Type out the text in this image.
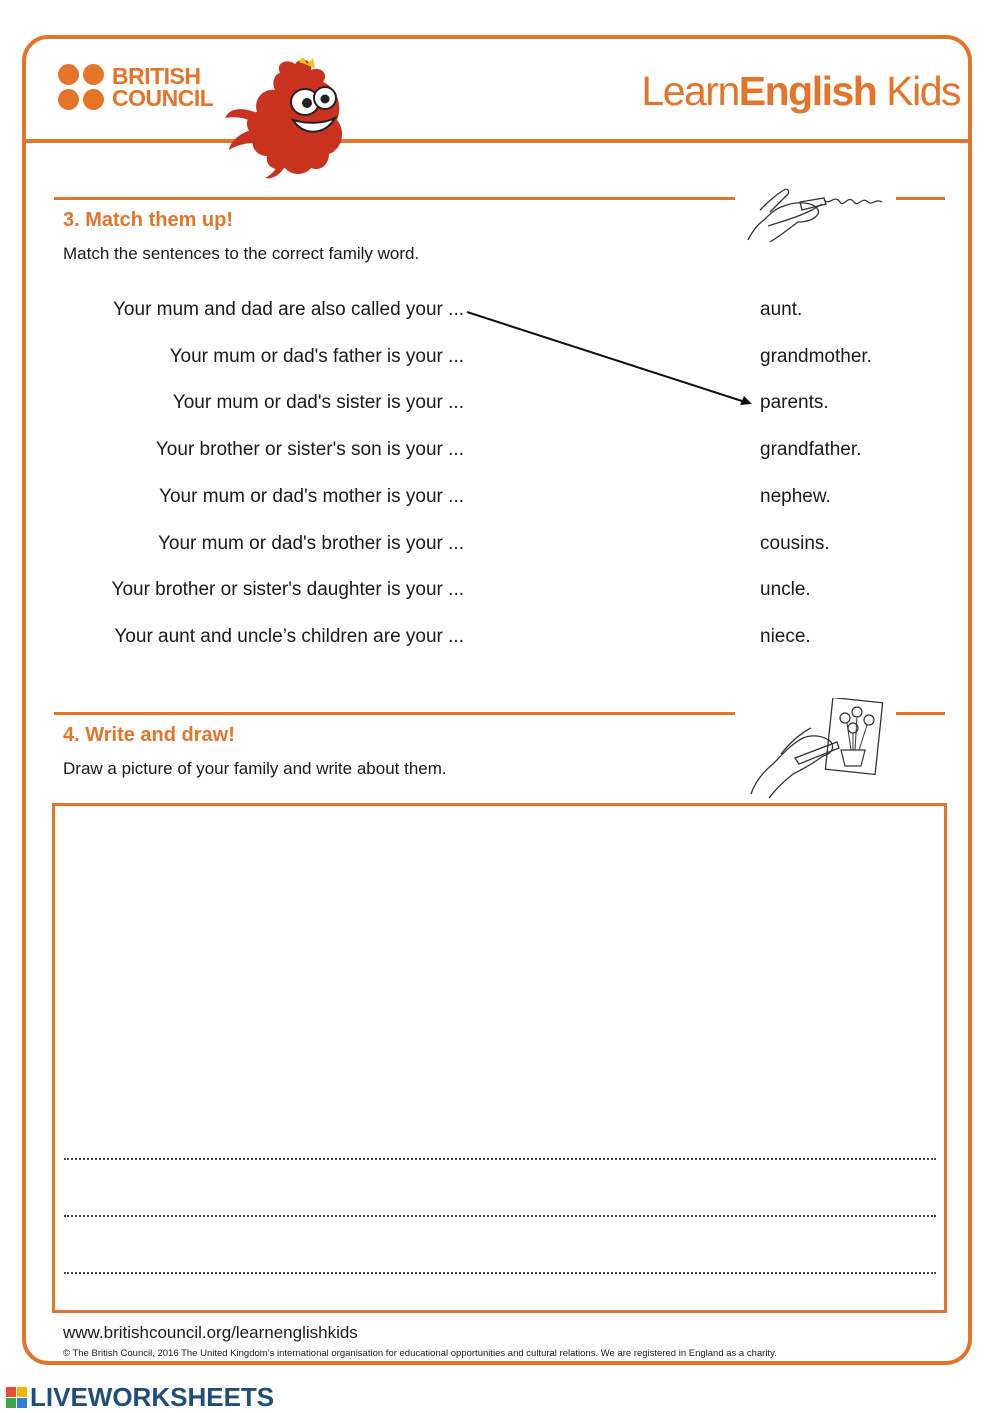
BRITISH
COUNCIL	LearnEnglish Kids
3. Match them up!
Match the sentences to the correct family word.
Your mum and dad are also called your ...
Your mum or dad's father is your ...
Your mum or dad's sister is your ...
Your brother or sister's son is your ...
Your mum or dad's mother is your ...
Your mum or dad's brother is your ...
Your brother or sister's daughter is your ...
Your aunt and uncle’s children are your ...
aunt.
grandmother.
parents.
grandfather.
nephew.
cousins.
uncle.
niece.
4. Write and draw!
Draw a picture of your family and write about them.
www.britishcouncil.org/learnenglishkids
© The British Council, 2016 The United Kingdom’s international organisation for educational opportunities and cultural relations. We are registered in England as a charity.
LIVEWORKSHEETS
